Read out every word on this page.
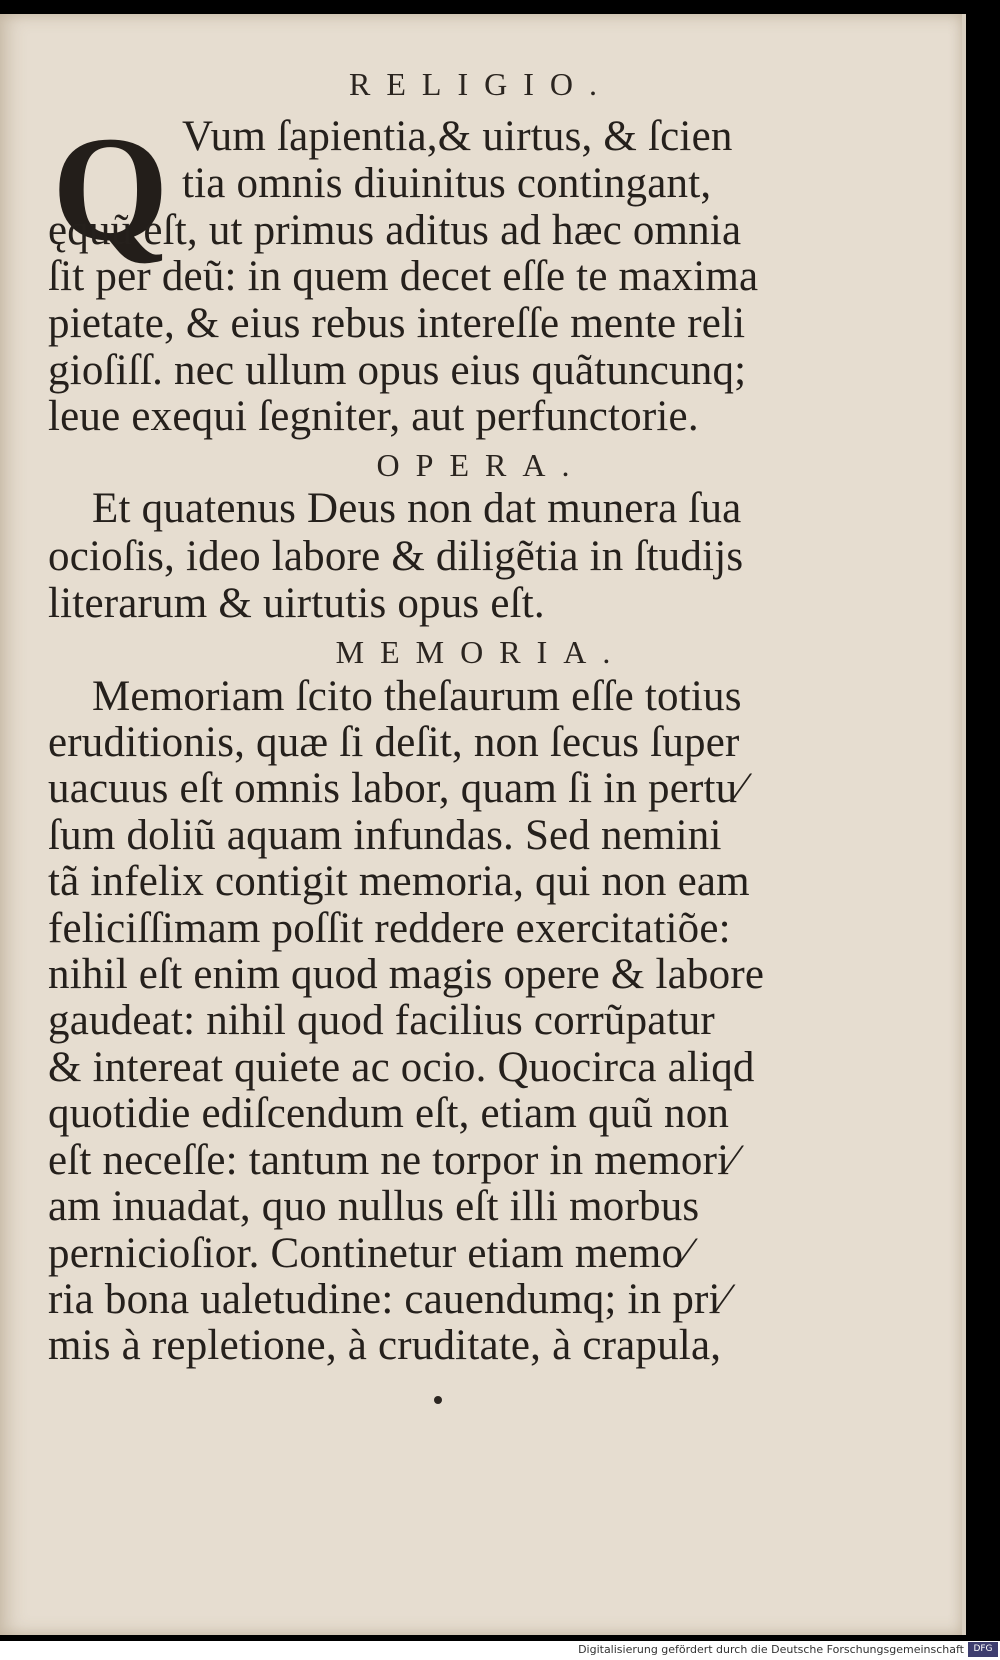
RELIGIO.
Q Vum ſapientia,& uirtus, & ſcien
tia omnis diuinitus contingant,
ęquũ eſt, ut primus aditus ad hæc omnia
ſit per deũ: in quem decet eſſe te maxima
pietate, & eius rebus intereſſe mente reli
gioſiſſ. nec ullum opus eius quãtuncunq;
leue exequi ſegniter, aut perfunctorie.
OPERA.
Et quatenus Deus non dat munera ſua
ocioſis, ideo labore & diligẽtia in ſtudijs
literarum & uirtutis opus eſt.
MEMORIA.
Memoriam ſcito theſaurum eſſe totius
eruditionis, quæ ſi deſit, non ſecus ſuper
uacuus eſt omnis labor, quam ſi in pertu⁄
ſum doliũ aquam infundas. Sed nemini
tã infelix contigit memoria, qui non eam
feliciſſimam poſſit reddere exercitatiõe:
nihil eſt enim quod magis opere & labore
gaudeat: nihil quod facilius corrũpatur
& intereat quiete ac ocio. Quocirca aliqd
quotidie ediſcendum eſt, etiam quũ non
eſt neceſſe: tantum ne torpor in memori⁄
am inuadat, quo nullus eſt illi morbus
pernicioſior. Continetur etiam memo⁄
ria bona ualetudine: cauendumq; in pri⁄
mis à repletione, à cruditate, à crapula,
Digitalisierung gefördert durch die Deutsche Forschungsgemeinschaft	DFG
